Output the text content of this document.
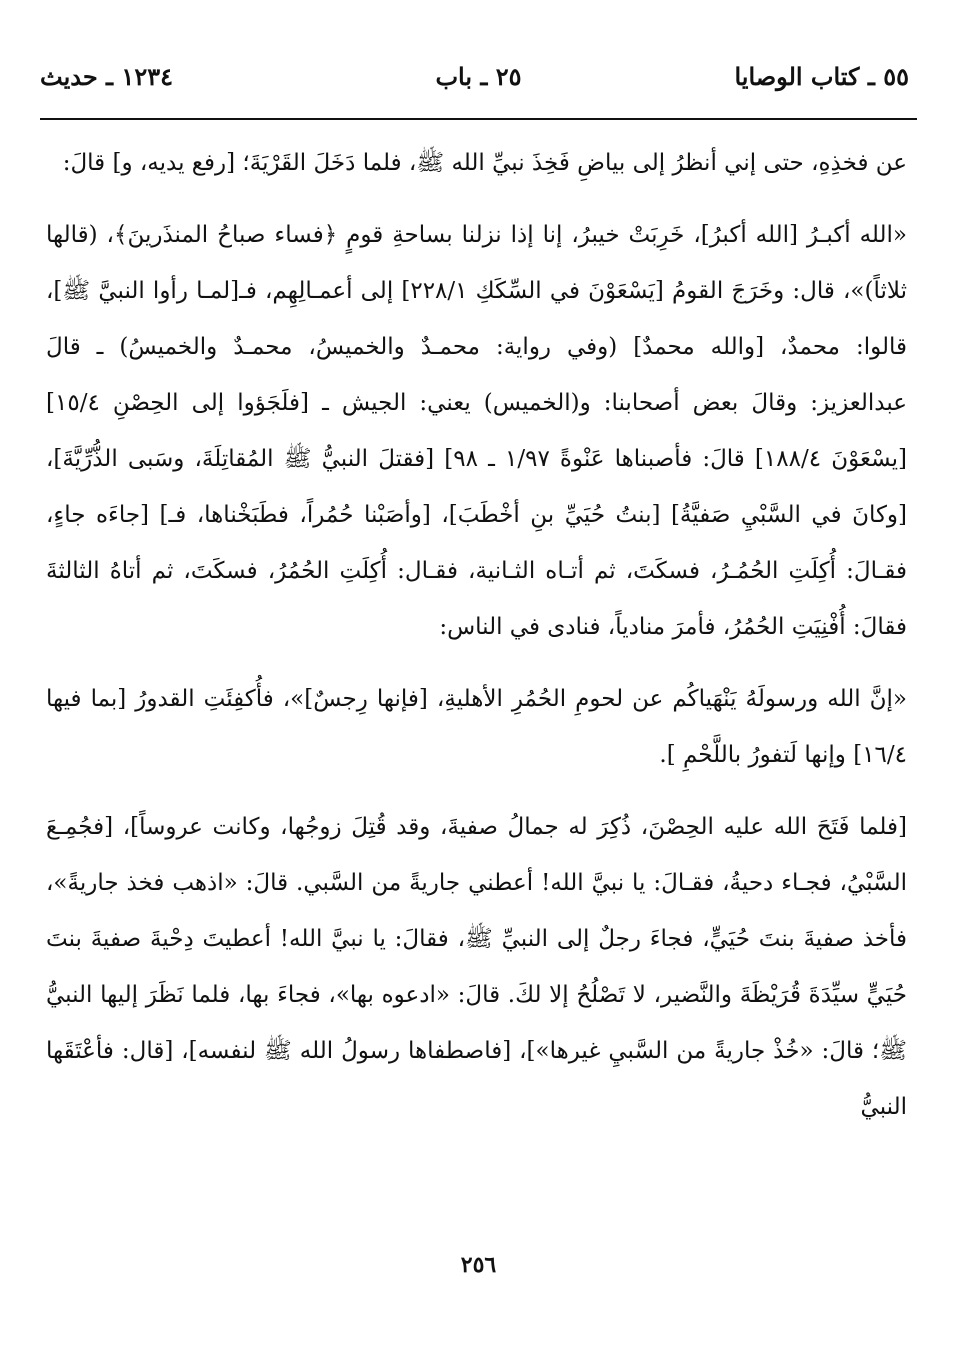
٥٥ ـ كتاب الوصايا
٢٥ ـ باب
١٢٣٤ ـ حديث

عن فخذِهِ، حتى إني أنظرُ إلى بياضِ فَخِذَ نبيِّ الله ﷺ، فلما دَخَلَ القَرْيَةَ؛ [رفع يديه، و] قالَ:

«الله أكبـرُ [الله أكبرُ]، خَرِبَتْ خيبرُ، إنا إذا نزلنا بساحةِ قومٍ ﴿فساء صباحُ المنذَرينَ﴾، (قالها ثلاثاً)»، قال: وخَرَجَ القومُ [يَسْعَوْنَ في السِّكَكِ ٢٢٨/١] إلى أعمـالِهِم، فـ[لمـا رأوا النبيَّ ﷺ]، قالوا: محمدٌ، [والله محمدٌ] (وفي رواية: محمـدٌ والخميسُ، محمـدٌ والخميسُ) ـ قالَ عبدالعزيز: وقالَ بعض أصحابنا: و(الخميس) يعني: الجيش ـ [فلَجَؤوا إلى الحِصْنِ ١٥/٤] [يسْعَوْنَ ١٨٨/٤] قالَ: فأصبناها عَنْوةً ١/٩٧ ـ ٩٨] [فقتلَ النبيُّ ﷺ المُقاتِلَةَ، وسَبى الذُّرِّيَّةَ]، [وكانَ في السَّبْيِ صَفيَّةُ] [بنتُ حُيَيِّ بنِ أخْطَبَ]، [وأصَبْنا حُمُراً، فطَبَخْناها، فـ] [جاءَه جاءٍ، فقـالَ: أُكِلَتِ الحُمُـرُ، فسكَتَ، ثم أتـاه الثـانية، فقـال: أُكِلَتِ الحُمُرُ، فسكَتَ، ثم أتاهُ الثالثةَ فقالَ: أُفْنِيَتِ الحُمُرُ، فأمرَ منادياً، فنادى في الناس:

«إنَّ الله ورسولَهُ يَنْهَياكُم عن لحومِ الحُمُرِ الأهليةِ، [فإنها رِجسٌ]»، فأُكفِئَتِ القدورُ [بما فيها ١٦/٤] وإنها لَتفورُ باللَّحْمِ ].

[فلما فَتَحَ الله عليه الحِصْنَ، ذُكِرَ له جمالُ صفيةَ، وقد قُتِلَ زوجُها، وكانت عروساً]، [فجُمِـعَ السَّبْيُ، فجـاء دحيةُ، فقـالَ: يا نبيَّ الله! أعطني جاريةً من السَّبي. قالَ: «اذهب فخذ جاريةً»، فأخذ صفيةَ بنتَ حُيَيٍّ، فجاءَ رجلٌ إلى النبيِّ ﷺ، فقالَ: يا نبيَّ الله! أعطيتَ دِحْيةَ صفيةَ بنتَ حُيَيٍّ سيِّدَةَ قُرَيْظَةَ والنَّضير، لا تَصْلُحُ إلا لكَ. قالَ: «ادعوه بها»، فجاءَ بها، فلما نَظَرَ إليها النبيُّ ﷺ؛ قالَ: «خُذْ جاريةً من السَّبيِ غيرها»]، [فاصطفاها رسولُ الله ﷺ لنفسه]، [قال: فأعْتَقَها النبيُّ

٢٥٦
